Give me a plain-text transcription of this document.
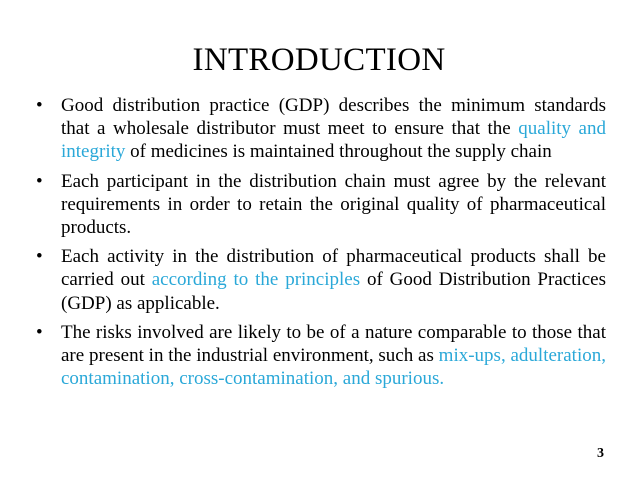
INTRODUCTION
• Good distribution practice (GDP) describes the minimum standards that a wholesale distributor must meet to ensure that the quality and integrity of medicines is maintained throughout the supply chain
• Each participant in the distribution chain must agree by the relevant requirements in order to retain the original quality of pharmaceutical products.
• Each activity in the distribution of pharmaceutical products shall be carried out according to the principles of Good Distribution Practices (GDP) as applicable.
• The risks involved are likely to be of a nature comparable to those that are present in the industrial environment, such as mix-ups, adulteration, contamination, cross-contamination, and spurious.
3
